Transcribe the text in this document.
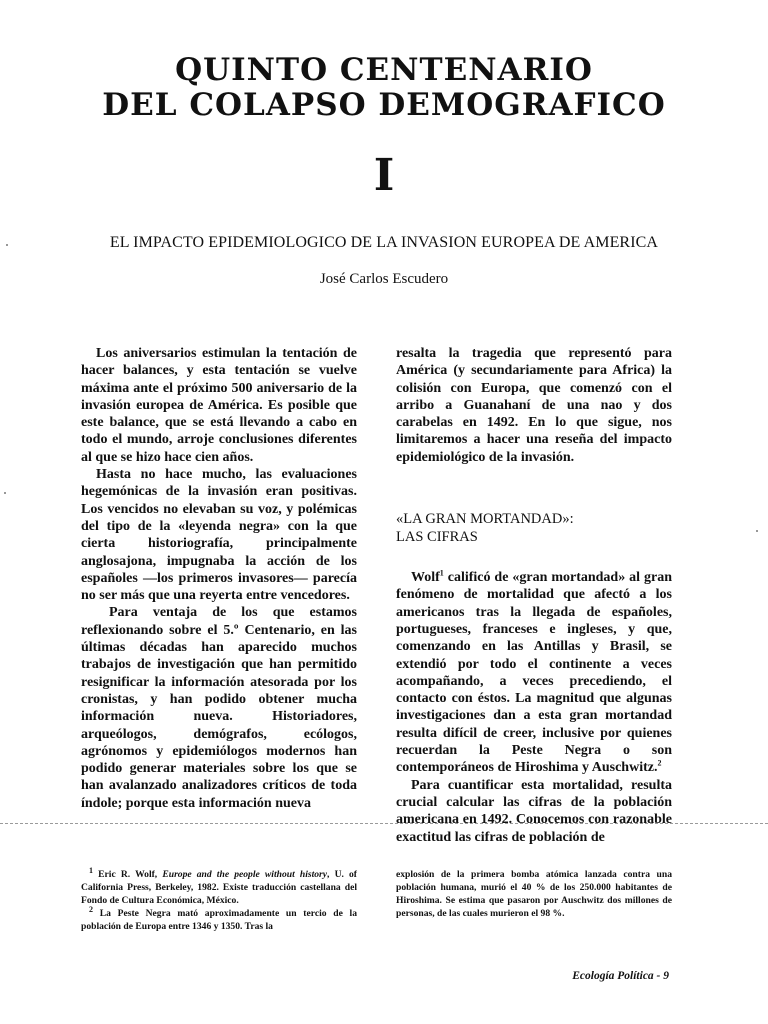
QUINTO CENTENARIO
DEL COLAPSO DEMOGRAFICO
I
EL IMPACTO EPIDEMIOLOGICO DE LA INVASION EUROPEA DE AMERICA
José Carlos Escudero

Los aniversarios estimulan la tentación de hacer balances, y esta tentación se vuelve máxima ante el próximo 500 aniversario de la invasión europea de América. Es posible que este balance, que se está llevando a cabo en todo el mundo, arroje conclusiones diferentes al que se hizo hace cien años.

Hasta no hace mucho, las evaluaciones hegemónicas de la invasión eran positivas. Los vencidos no elevaban su voz, y polémicas del tipo de la «leyenda negra» con la que cierta historiografía, principalmente anglosajona, impugnaba la acción de los españoles —los primeros invasores— parecía no ser más que una reyerta entre vencedores.

Para ventaja de los que estamos reflexionando sobre el 5.º Centenario, en las últimas décadas han aparecido muchos trabajos de investigación que han permitido resignificar la información atesorada por los cronistas, y han podido obtener mucha información nueva. Historiadores, arqueólogos, demógrafos, ecólogos, agrónomos y epidemiólogos modernos han podido generar materiales sobre los que se han avalanzado analizadores críticos de toda índole; porque esta información nueva

resalta la tragedia que representó para América (y secundariamente para Africa) la colisión con Europa, que comenzó con el arribo a Guanahaní de una nao y dos carabelas en 1492. En lo que sigue, nos limitaremos a hacer una reseña del impacto epidemiológico de la invasión.

«LA GRAN MORTANDAD»:
LAS CIFRAS

Wolf$^1$ calificó de «gran mortandad» al gran fenómeno de mortalidad que afectó a los americanos tras la llegada de españoles, portugueses, franceses e ingleses, y que, comenzando en las Antillas y Brasil, se extendió por todo el continente a veces acompañando, a veces precediendo, el contacto con éstos. La magnitud que algunas investigaciones dan a esta gran mortandad resulta difícil de creer, inclusive por quienes recuerdan la Peste Negra o son contemporáneos de Hiroshima y Auschwitz.$^2$

Para cuantificar esta mortalidad, resulta crucial calcular las cifras de la población americana en 1492. Conocemos con razonable exactitud las cifras de población de

$^1$ Eric R. Wolf, Europe and the people without history, U. of California Press, Berkeley, 1982. Existe traducción castellana del Fondo de Cultura Económica, México.

$^2$ La Peste Negra mató aproximadamente un tercio de la población de Europa entre 1346 y 1350. Tras la

explosión de la primera bomba atómica lanzada contra una población humana, murió el 40 % de los 250.000 habitantes de Hiroshima. Se estima que pasaron por Auschwitz dos millones de personas, de las cuales murieron el 98 %.

Ecología Política - 9
